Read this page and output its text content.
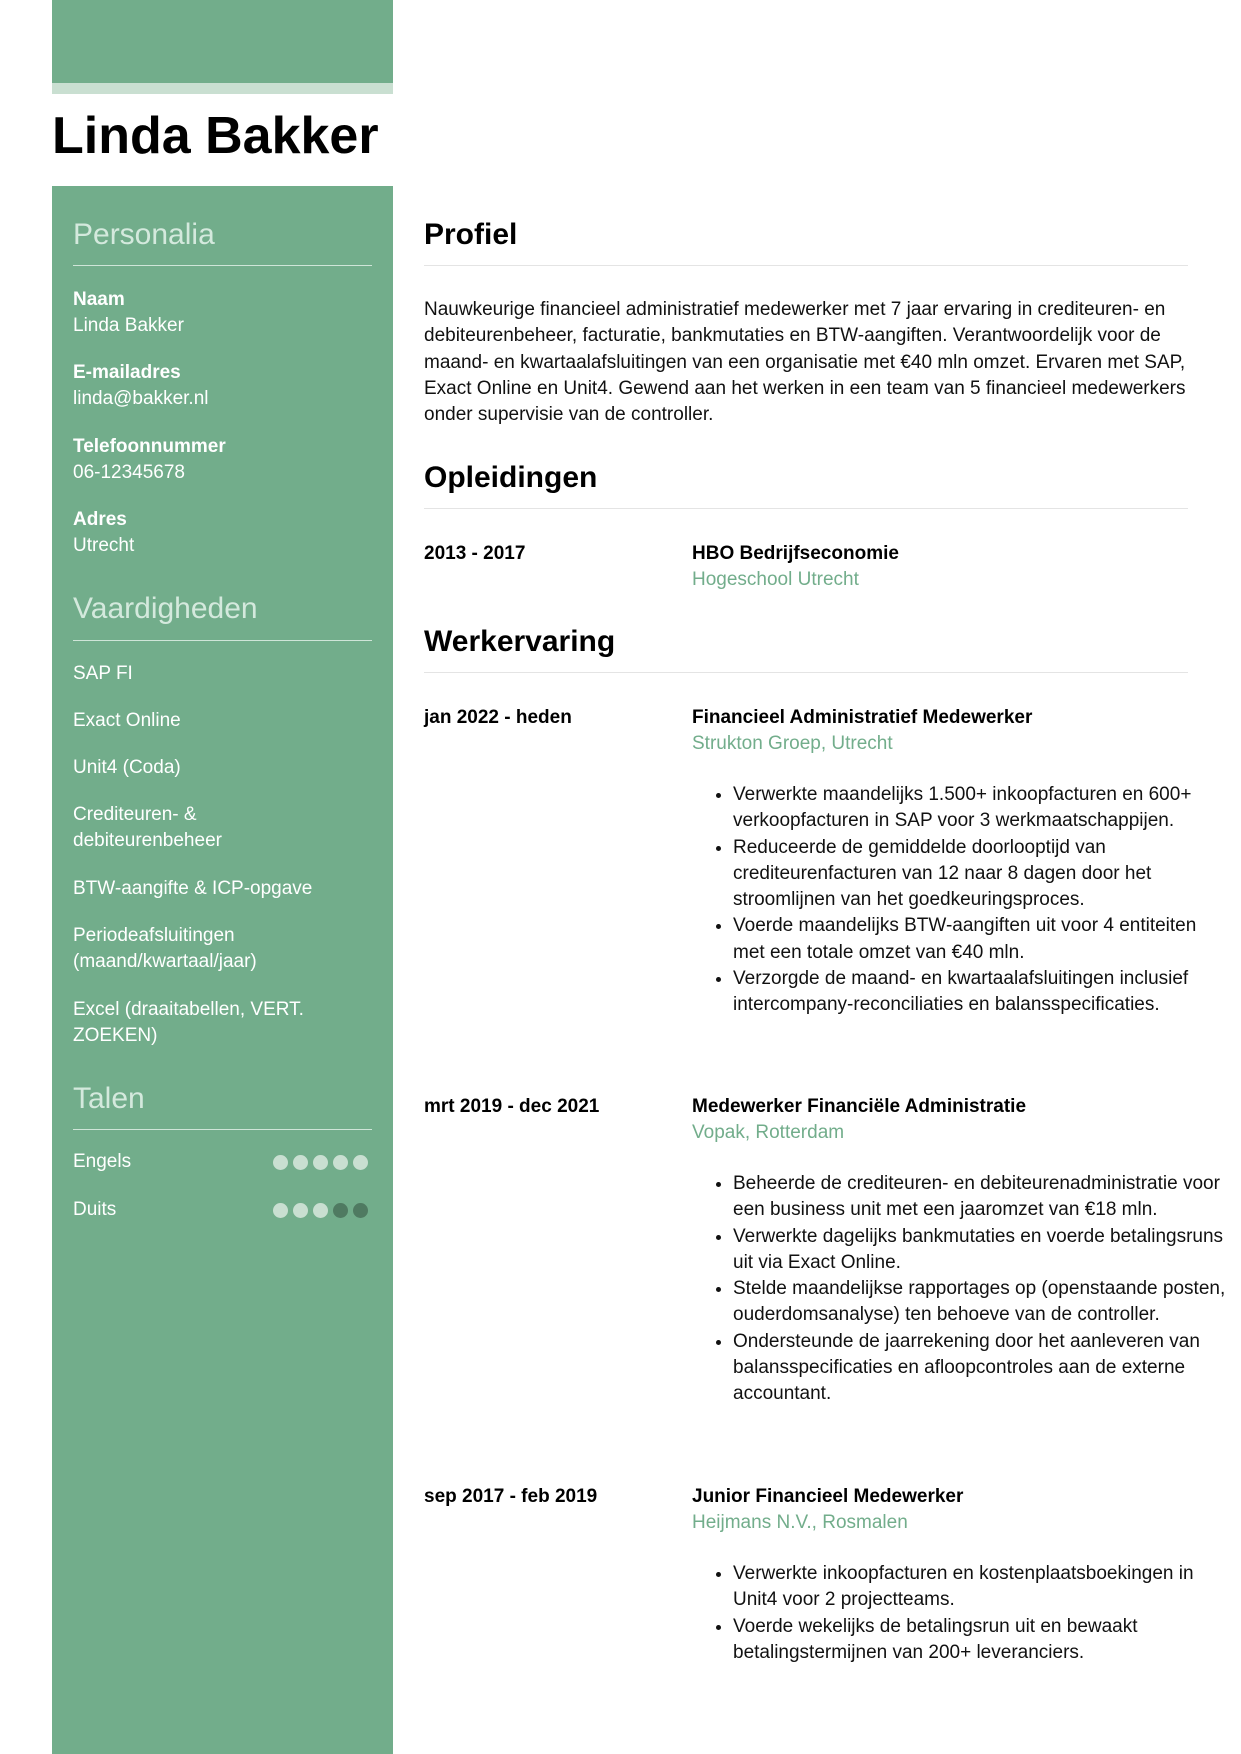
Linda Bakker
Personalia
Naam
Linda Bakker
E-mailadres
linda@bakker.nl
Telefoonnummer
06-12345678
Adres
Utrecht
Vaardigheden
SAP FI
Exact Online
Unit4 (Coda)
Crediteuren- & debiteurenbeheer
BTW-aangifte & ICP-opgave
Periodeafsluitingen (maand/kwartaal/jaar)
Excel (draaitabellen, VERT. ZOEKEN)
Talen
Engels
Duits
Profiel

Nauwkeurige financieel administratief medewerker met 7 jaar ervaring in crediteuren- en debiteurenbeheer, facturatie, bankmutaties en BTW-aangiften. Verantwoordelijk voor de maand- en kwartaalafsluitingen van een organisatie met €40 mln omzet. Ervaren met SAP, Exact Online en Unit4. Gewend aan het werken in een team van 5 financieel medewerkers onder supervisie van de controller.

Opleidingen
2013 - 2017	HBO Bedrijfseconomie
Hogeschool Utrecht
Werkervaring
jan 2022 - heden	Financieel Administratief Medewerker
Strukton Groep, Utrecht
• Verwerkte maandelijks 1.500+ inkoopfacturen en 600+ verkoopfacturen in SAP voor 3 werkmaatschappijen.
• Reduceerde de gemiddelde doorlooptijd van crediteurenfacturen van 12 naar 8 dagen door het stroomlijnen van het goedkeuringsproces.
• Voerde maandelijks BTW-aangiften uit voor 4 entiteiten met een totale omzet van €40 mln.
• Verzorgde de maand- en kwartaalafsluitingen inclusief intercompany-reconciliaties en balansspecificaties.
mrt 2019 - dec 2021	Medewerker Financiële Administratie
Vopak, Rotterdam
• Beheerde de crediteuren- en debiteurenadministratie voor een business unit met een jaaromzet van €18 mln.
• Verwerkte dagelijks bankmutaties en voerde betalingsruns uit via Exact Online.
• Stelde maandelijkse rapportages op (openstaande posten, ouderdomsanalyse) ten behoeve van de controller.
• Ondersteunde de jaarrekening door het aanleveren van balansspecificaties en afloopcontroles aan de externe accountant.
sep 2017 - feb 2019	Junior Financieel Medewerker
Heijmans N.V., Rosmalen
• Verwerkte inkoopfacturen en kostenplaatsboekingen in Unit4 voor 2 projectteams.
• Voerde wekelijks de betalingsrun uit en bewaakt betalingstermijnen van 200+ leveranciers.
